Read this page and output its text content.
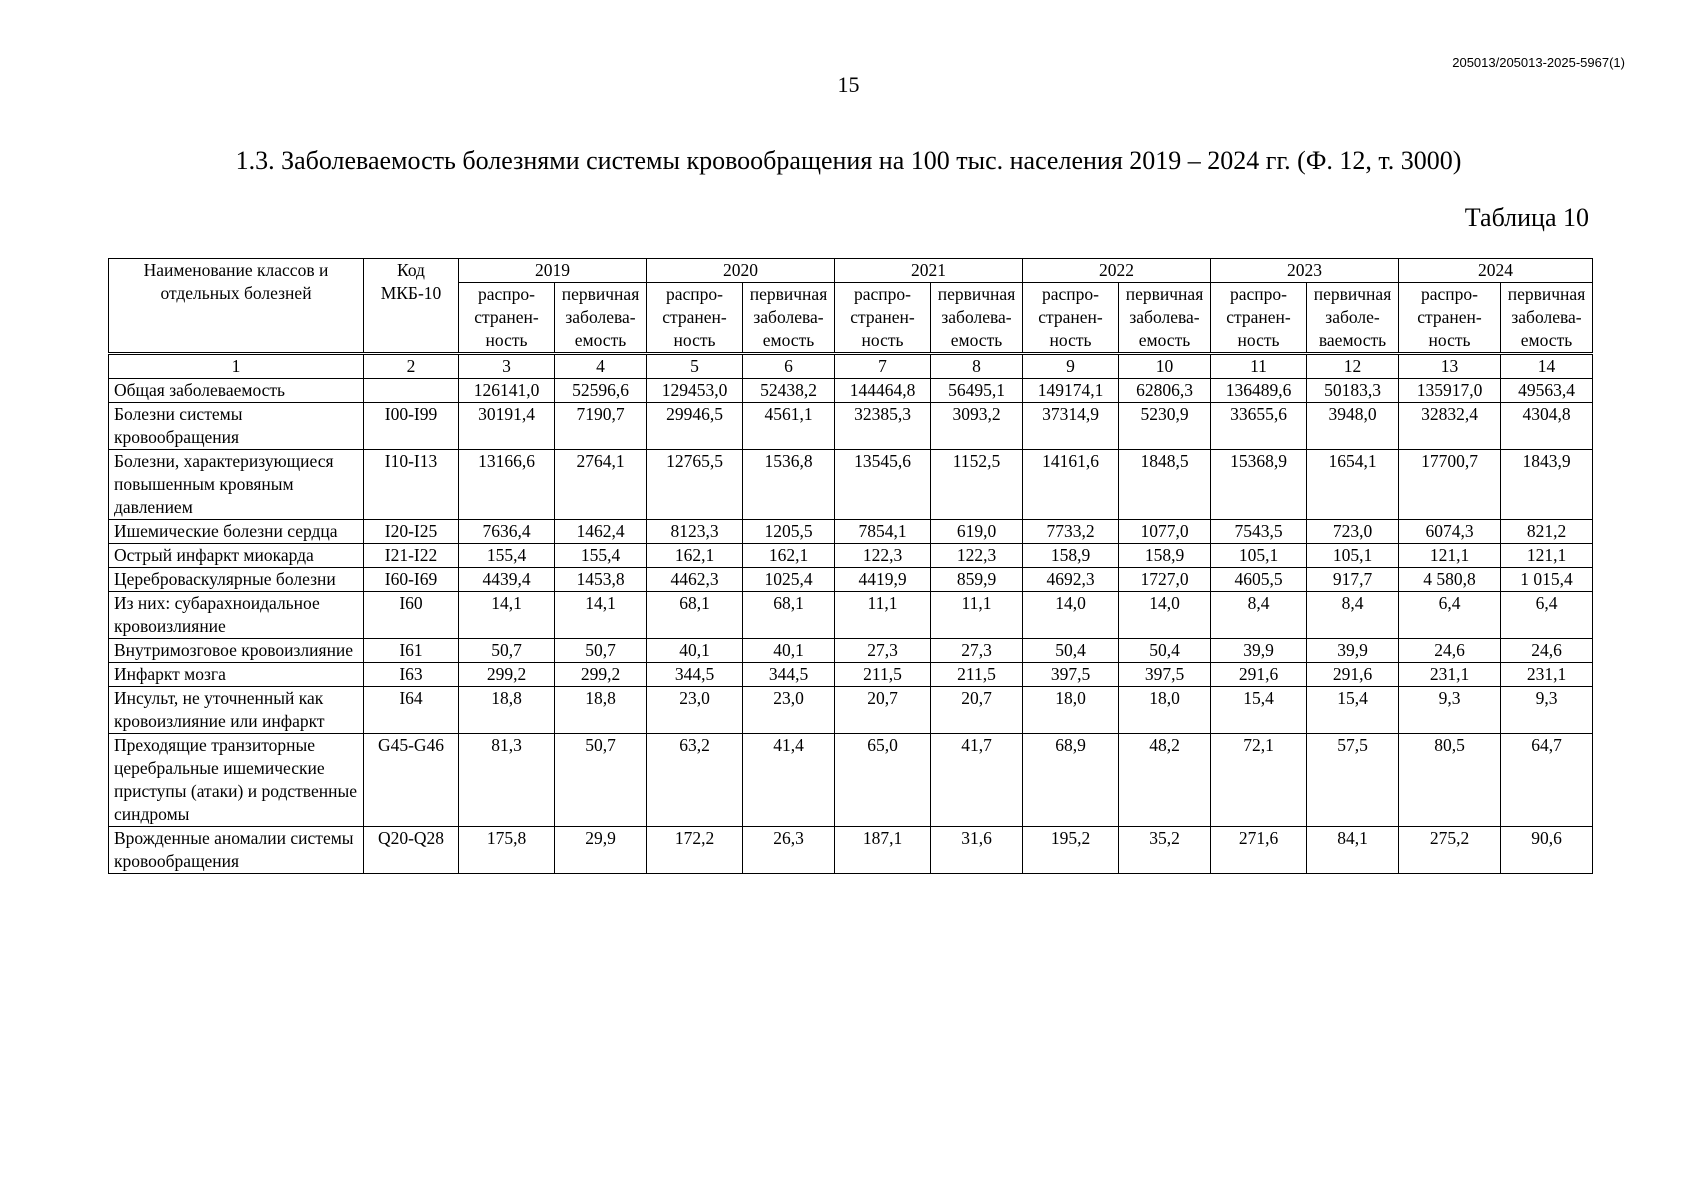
205013/205013-2025-5967(1)
15
1.3. Заболеваемость болезнями системы кровообращения на 100 тыс. населения 2019 – 2024 гг. (Ф. 12, т. 3000)
Таблица 10
Наименование классов и отдельных болезней	Код МКБ-10	2019		2020		2021		2022		2023		2024	
		распро-странен-ность	первичная заболева-емость	распро-странен-ность	первичная заболева-емость	распро-странен-ность	первичная заболева-емость	распро-странен-ность	первичная заболева-емость	распро-странен-ность	первичная заболе-ваемость	распро-странен-ность	первичная заболева-емость
1	2	3	4	5	6	7	8	9	10	11	12	13	14
Общая заболеваемость		126141,0	52596,6	129453,0	52438,2	144464,8	56495,1	149174,1	62806,3	136489,6	50183,3	135917,0	49563,4
Болезни системы кровообращения	I00-I99	30191,4	7190,7	29946,5	4561,1	32385,3	3093,2	37314,9	5230,9	33655,6	3948,0	32832,4	4304,8
Болезни, характеризующиеся повышенным кровяным давлением	I10-I13	13166,6	2764,1	12765,5	1536,8	13545,6	1152,5	14161,6	1848,5	15368,9	1654,1	17700,7	1843,9
Ишемические болезни сердца	I20-I25	7636,4	1462,4	8123,3	1205,5	7854,1	619,0	7733,2	1077,0	7543,5	723,0	6074,3	821,2
Острый инфаркт миокарда	I21-I22	155,4	155,4	162,1	162,1	122,3	122,3	158,9	158,9	105,1	105,1	121,1	121,1
Цереброваскулярные болезни	I60-I69	4439,4	1453,8	4462,3	1025,4	4419,9	859,9	4692,3	1727,0	4605,5	917,7	4 580,8	1 015,4
Из них: субарахноидальное кровоизлияние	I60	14,1	14,1	68,1	68,1	11,1	11,1	14,0	14,0	8,4	8,4	6,4	6,4
Внутримозговое кровоизлияние	I61	50,7	50,7	40,1	40,1	27,3	27,3	50,4	50,4	39,9	39,9	24,6	24,6
Инфаркт мозга	I63	299,2	299,2	344,5	344,5	211,5	211,5	397,5	397,5	291,6	291,6	231,1	231,1
Инсульт, не уточненный как кровоизлияние или инфаркт	I64	18,8	18,8	23,0	23,0	20,7	20,7	18,0	18,0	15,4	15,4	9,3	9,3
Преходящие транзиторные церебральные ишемические приступы (атаки) и родственные синдромы	G45-G46	81,3	50,7	63,2	41,4	65,0	41,7	68,9	48,2	72,1	57,5	80,5	64,7
Врожденные аномалии системы кровообращения	Q20-Q28	175,8	29,9	172,2	26,3	187,1	31,6	195,2	35,2	271,6	84,1	275,2	90,6
